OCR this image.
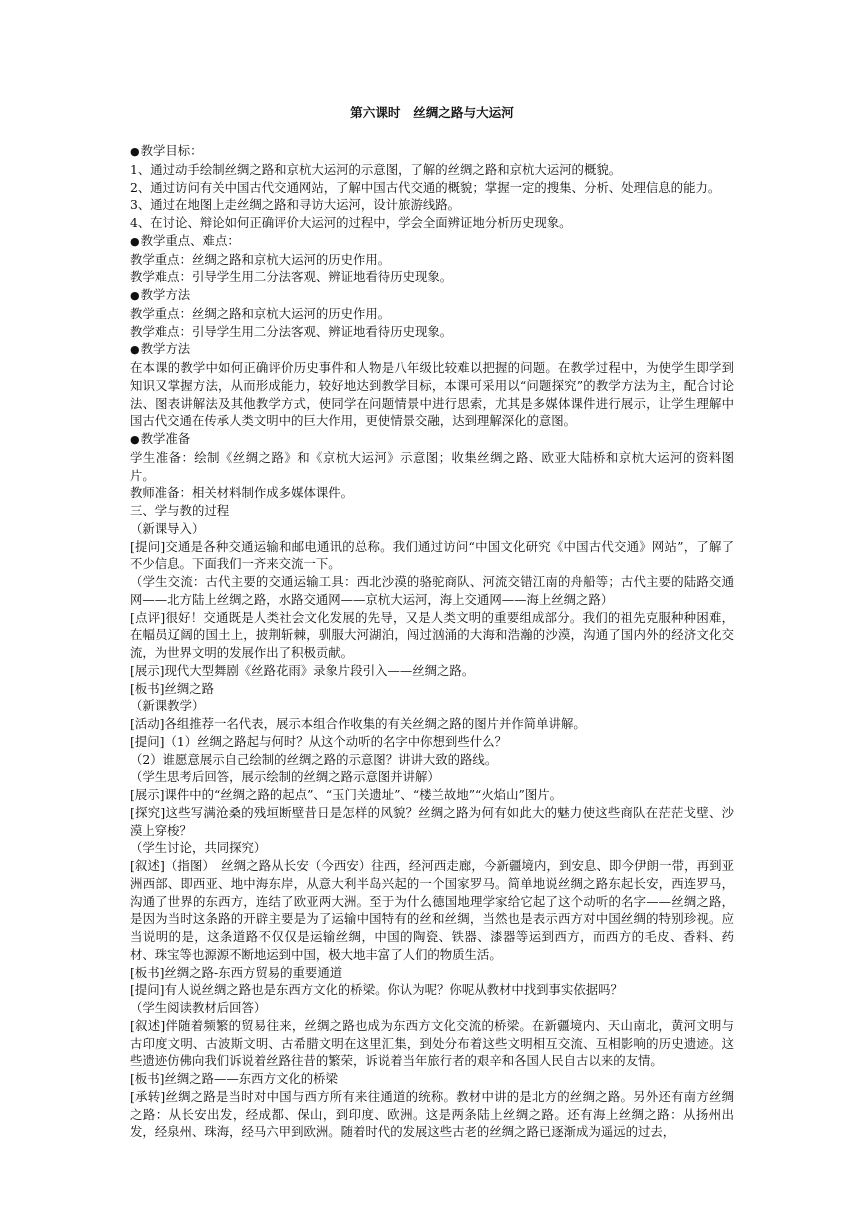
第六课时　丝绸之路与大运河

● 教学目标：

1、通过动手绘制丝绸之路和京杭大运河的示意图，了解的丝绸之路和京杭大运河的概貌。

2、通过访问有关中国古代交通网站，了解中国古代交通的概貌；掌握一定的搜集、分析、处理信息的能力。

3、通过在地图上走丝绸之路和寻访大运河，设计旅游线路。

4、在讨论、辩论如何正确评价大运河的过程中，学会全面辨证地分析历史现象。

● 教学重点、难点：

教学重点：丝绸之路和京杭大运河的历史作用。

教学难点：引导学生用二分法客观、辨证地看待历史现象。

● 教学方法

教学重点：丝绸之路和京杭大运河的历史作用。

教学难点：引导学生用二分法客观、辨证地看待历史现象。

● 教学方法

在本课的教学中如何正确评价历史事件和人物是八年级比较难以把握的问题。在教学过程中，为使学生即学到知识又掌握方法，从而形成能力，较好地达到教学目标，本课可采用以“问题探究”的教学方法为主，配合讨论法、图表讲解法及其他教学方式，使同学在问题情景中进行思索，尤其是多媒体课件进行展示，让学生理解中国古代交通在传承人类文明中的巨大作用，更使情景交融，达到理解深化的意图。

● 教学准备

学生准备：绘制《丝绸之路》和《京杭大运河》示意图；收集丝绸之路、欧亚大陆桥和京杭大运河的资料图片。

教师准备：相关材料制作成多媒体课件。

三、学与教的过程

（新课导入）

[提问]交通是各种交通运输和邮电通讯的总称。我们通过访问“中国文化研究《中国古代交通》网站”，了解了不少信息。下面我们一齐来交流一下。

（学生交流：古代主要的交通运输工具：西北沙漠的骆驼商队、河流交错江南的舟船等；古代主要的陆路交通网——北方陆上丝绸之路，水路交通网——京杭大运河，海上交通网——海上丝绸之路）

[点评]很好！交通既是人类社会文化发展的先导，又是人类文明的重要组成部分。我们的祖先克服种种困难，在幅员辽阔的国土上，披荆斩棘，驯服大河湖泊，闯过汹涌的大海和浩瀚的沙漠，沟通了国内外的经济文化交流，为世界文明的发展作出了积极贡献。

[展示]现代大型舞剧《丝路花雨》录象片段引入——丝绸之路。

[板书]丝绸之路

（新课教学）

[活动]各组推荐一名代表，展示本组合作收集的有关丝绸之路的图片并作简单讲解。

[提问]（1）丝绸之路起与何时？从这个动听的名字中你想到些什么？

（2）谁愿意展示自己绘制的丝绸之路的示意图？讲讲大致的路线。

（学生思考后回答，展示绘制的丝绸之路示意图并讲解）

[展示]课件中的“丝绸之路的起点”、“玉门关遗址”、“楼兰故地”“火焰山”图片。

[探究]这些写满沧桑的残垣断壁昔日是怎样的风貌？丝绸之路为何有如此大的魅力使这些商队在茫茫戈壁、沙漠上穿梭？

（学生讨论，共同探究）

[叙述]（指图）　丝绸之路从长安（今西安）往西，经河西走廊，今新疆境内，到安息、即今伊朗一带，再到亚洲西部、即西亚、地中海东岸，从意大利半岛兴起的一个国家罗马。简单地说丝绸之路东起长安，西连罗马，沟通了世界的东西方，连结了欧亚两大洲。至于为什么德国地理学家给它起了这个动听的名字——丝绸之路，是因为当时这条路的开辟主要是为了运输中国特有的丝和丝绸，当然也是表示西方对中国丝绸的特别珍视。应当说明的是，这条道路不仅仅是运输丝绸，中国的陶瓷、铁器、漆器等运到西方，而西方的毛皮、香料、药材、珠宝等也源源不断地运到中国，极大地丰富了人们的物质生活。

[板书]丝绸之路-东西方贸易的重要通道

[提问]有人说丝绸之路也是东西方文化的桥梁。你认为呢？你呢从教材中找到事实依据吗？

（学生阅读教材后回答）

[叙述]伴随着频繁的贸易往来，丝绸之路也成为东西方文化交流的桥梁。在新疆境内、天山南北，黄河文明与古印度文明、古波斯文明、古希腊文明在这里汇集，到处分布着这些文明相互交流、互相影响的历史遗迹。这些遗迹仿佛向我们诉说着丝路往昔的繁荣，诉说着当年旅行者的艰辛和各国人民自古以来的友情。

[板书]丝绸之路——东西方文化的桥梁

[承转]丝绸之路是当时对中国与西方所有来往通道的统称。教材中讲的是北方的丝绸之路。另外还有南方丝绸之路：从长安出发，经成都、保山，到印度、欧洲。这是两条陆上丝绸之路。还有海上丝绸之路：从扬州出发，经泉州、珠海，经马六甲到欧洲。随着时代的发展这些古老的丝绸之路已逐渐成为遥远的过去，
